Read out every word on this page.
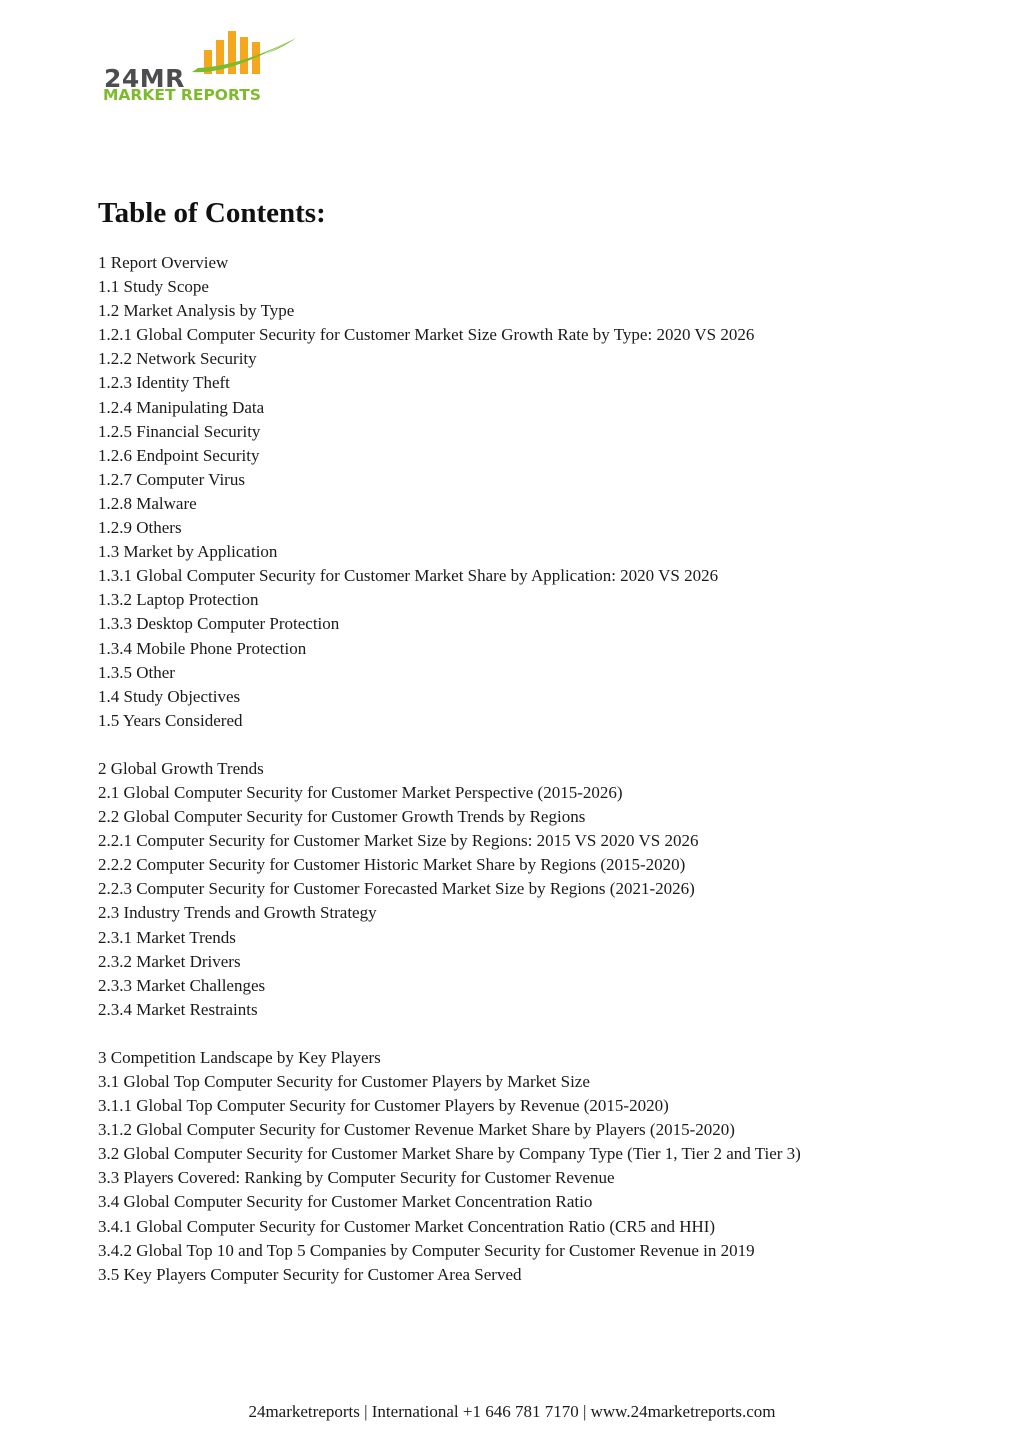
24MR
MARKET REPORTS
Table of Contents:
1 Report Overview
1.1 Study Scope
1.2 Market Analysis by Type
1.2.1 Global Computer Security for Customer Market Size Growth Rate by Type: 2020 VS 2026
1.2.2 Network Security
1.2.3 Identity Theft
1.2.4 Manipulating Data
1.2.5 Financial Security
1.2.6 Endpoint Security
1.2.7 Computer Virus
1.2.8 Malware
1.2.9 Others
1.3 Market by Application
1.3.1 Global Computer Security for Customer Market Share by Application: 2020 VS 2026
1.3.2 Laptop Protection
1.3.3 Desktop Computer Protection
1.3.4 Mobile Phone Protection
1.3.5 Other
1.4 Study Objectives
1.5 Years Considered
2 Global Growth Trends
2.1 Global Computer Security for Customer Market Perspective (2015-2026)
2.2 Global Computer Security for Customer Growth Trends by Regions
2.2.1 Computer Security for Customer Market Size by Regions: 2015 VS 2020 VS 2026
2.2.2 Computer Security for Customer Historic Market Share by Regions (2015-2020)
2.2.3 Computer Security for Customer Forecasted Market Size by Regions (2021-2026)
2.3 Industry Trends and Growth Strategy
2.3.1 Market Trends
2.3.2 Market Drivers
2.3.3 Market Challenges
2.3.4 Market Restraints
3 Competition Landscape by Key Players
3.1 Global Top Computer Security for Customer Players by Market Size
3.1.1 Global Top Computer Security for Customer Players by Revenue (2015-2020)
3.1.2 Global Computer Security for Customer Revenue Market Share by Players (2015-2020)
3.2 Global Computer Security for Customer Market Share by Company Type (Tier 1, Tier 2 and Tier 3)
3.3 Players Covered: Ranking by Computer Security for Customer Revenue
3.4 Global Computer Security for Customer Market Concentration Ratio
3.4.1 Global Computer Security for Customer Market Concentration Ratio (CR5 and HHI)
3.4.2 Global Top 10 and Top 5 Companies by Computer Security for Customer Revenue in 2019
3.5 Key Players Computer Security for Customer Area Served
24marketreports | International +1 646 781 7170 | www.24marketreports.com
